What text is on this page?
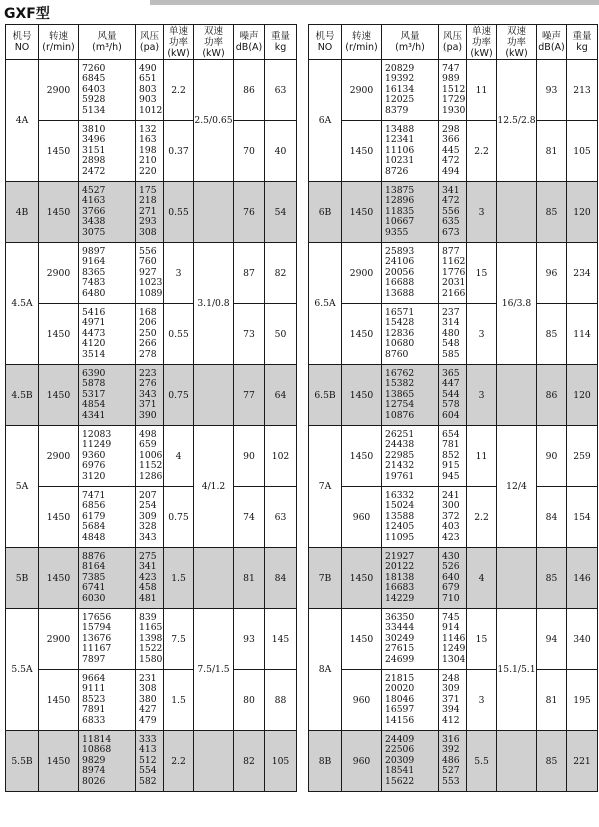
GXF型
机号
NO	转速
(r/min)	风量
(m³/h)	风压
(pa)	单速
功率
(kW)	双速
功率
(kW)	噪声
dB(A)	重量
kg

4A	2900	7260
6845
6403
5928
5134	490
651
803
903
1012	2.2	2.5/0.65	86	63
	1450	3810
3496
3151
2898
2472	132
163
198
210
220	0.37		70	40
4B	1450	4527
4163
3766
3438
3075	175
218
271
293
308	0.55		76	54
4.5A	2900	9897
9164
8365
7483
6480	556
760
927
1023
1089	3	3.1/0.8	87	82
	1450	5416
4971
4473
4120
3514	168
206
250
266
278	0.55		73	50
4.5B	1450	6390
5878
5317
4854
4341	223
276
343
371
390	0.75		77	64
5A	2900	12083
11249
9360
6976
3120	498
659
1006
1152
1286	4	4/1.2	90	102
	1450	7471
6856
6179
5684
4848	207
254
309
328
343	0.75		74	63
5B	1450	8876
8164
7385
6741
6030	275
341
423
458
481	1.5		81	84
5.5A	2900	17656
15794
13676
11167
7897	839
1165
1398
1522
1580	7.5	7.5/1.5	93	145
	1450	9664
9111
8523
7891
6833	231
308
380
427
479	1.5		80	88
5.5B	1450	11814
10868
9829
8974
8026	333
413
512
554
582	2.2		82	105
机号
NO	转速
(r/min)	风量
(m³/h)	风压
(pa)	单速
功率
(kW)	双速
功率
(kW)	噪声
dB(A)	重量
kg

6A	2900	20829
19392
16134
12025
8379	747
989
1512
1729
1930	11	12.5/2.8	93	213
	1450	13488
12341
11106
10231
8726	298
366
445
472
494	2.2		81	105
6B	1450	13875
12896
11835
10667
9355	341
472
556
635
673	3		85	120
6.5A	2900	25893
24106
20056
16688
13688	877
1162
1776
2031
2166	15	16/3.8	96	234
	1450	16571
15428
12836
10680
8760	237
314
480
548
585	3		85	114
6.5B	1450	16762
15382
13865
12754
10876	365
447
544
578
604	3		86	120
7A	1450	26251
24438
22985
21432
19761	654
781
852
915
945	11	12/4	90	259
	960	16332
15024
13588
12405
11095	241
300
372
403
423	2.2		84	154
7B	1450	21927
20122
18138
16683
14229	430
526
640
679
710	4		85	146
8A	1450	36350
33444
30249
27615
24699	745
914
1146
1249
1304	15	15.1/5.1	94	340
	960	21815
20020
18046
16597
14156	248
309
371
394
412	3		81	195
8B	960	24409
22506
20309
18541
15622	316
392
486
527
553	5.5		85	221
